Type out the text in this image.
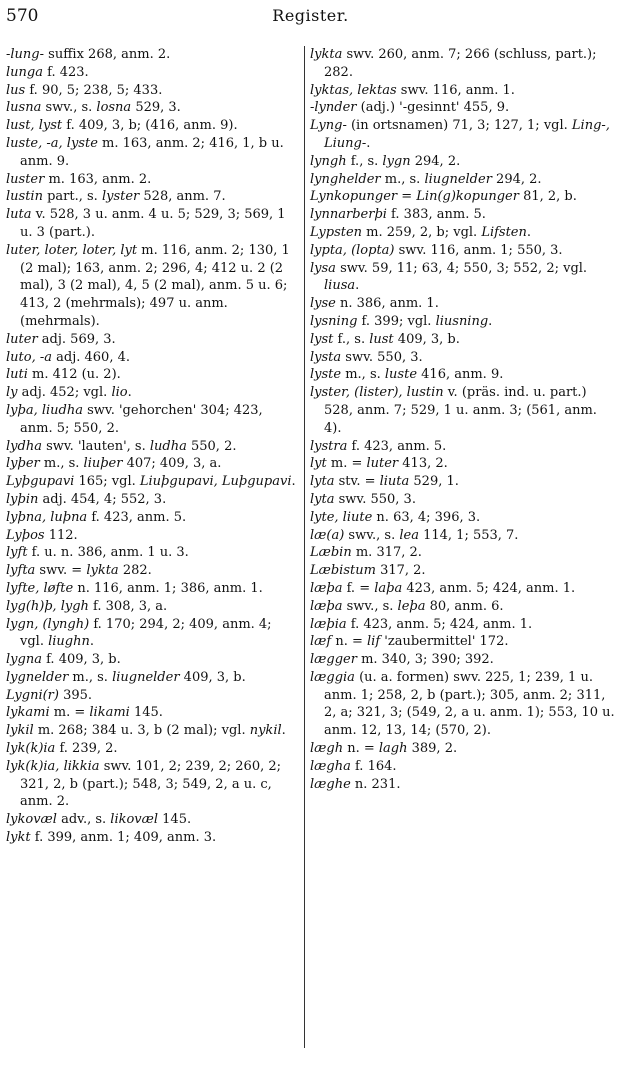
570	Register.
-lung- suffix 268, anm. 2.
lunga f. 423.
lus f. 90, 5; 238, 5; 433.
lusna swv., s. losna 529, 3.
lust, lyst f. 409, 3, b; (416, anm. 9).
luste, -a, lyste m. 163, anm. 2; 416, 1, b u. anm. 9.
luster m. 163, anm. 2.
lustin part., s. lyster 528, anm. 7.
luta v. 528, 3 u. anm. 4 u. 5; 529, 3; 569, 1 u. 3 (part.).
luter, loter, loter, lyt m. 116, anm. 2; 130, 1 (2 mal); 163, anm. 2; 296, 4; 412 u. 2 (2 mal), 3 (2 mal), 4, 5 (2 mal), anm. 5 u. 6; 413, 2 (mehrmals); 497 u. anm. (mehrmals).
luter adj. 569, 3.
luto, -a adj. 460, 4.
luti m. 412 (u. 2).
ly adj. 452; vgl. lio.
lyþa, liudha swv. 'gehorchen' 304; 423, anm. 5; 550, 2.
lydha swv. 'lauten', s. ludha 550, 2.
lyþer m., s. liuþer 407; 409, 3, a.
Lyþgupavi 165; vgl. Liuþgupavi, Luþgupavi.
lyþin adj. 454, 4; 552, 3.
lyþna, luþna f. 423, anm. 5.
Lyþos 112.
lyft f. u. n. 386, anm. 1 u. 3.
lyfta swv. = lykta 282.
lyfte, løfte n. 116, anm. 1; 386, anm. 1.
lyg(h)þ, lygh f. 308, 3, a.
lygn, (lyngh) f. 170; 294, 2; 409, anm. 4; vgl. liughn.
lygna f. 409, 3, b.
lygnelder m., s. liugnelder 409, 3, b.
Lygni(r) 395.
lykami m. = likami 145.
lykil m. 268; 384 u. 3, b (2 mal); vgl. nykil.
lyk(k)ia f. 239, 2.
lyk(k)ia, likkia swv. 101, 2; 239, 2; 260, 2; 321, 2, b (part.); 548, 3; 549, 2, a u. c, anm. 2.
lykovæl adv., s. likovæl 145.
lykt f. 399, anm. 1; 409, anm. 3.
lykta swv. 260, anm. 7; 266 (schluss, part.); 282.
lyktas, lektas swv. 116, anm. 1.
-lynder (adj.) '-gesinnt' 455, 9.
Lyng- (in ortsnamen) 71, 3; 127, 1; vgl. Ling-, Liung-.
lyngh f., s. lygn 294, 2.
lynghelder m., s. liugnelder 294, 2.
Lynkopunger = Lin(g)kopunger 81, 2, b.
lynnarberþi f. 383, anm. 5.
Lypsten m. 259, 2, b; vgl. Lifsten.
lypta, (lopta) swv. 116, anm. 1; 550, 3.
lysa swv. 59, 11; 63, 4; 550, 3; 552, 2; vgl. liusa.
lyse n. 386, anm. 1.
lysning f. 399; vgl. liusning.
lyst f., s. lust 409, 3, b.
lysta swv. 550, 3.
lyste m., s. luste 416, anm. 9.
lyster, (lister), lustin v. (präs. ind. u. part.) 528, anm. 7; 529, 1 u. anm. 3; (561, anm. 4).
lystra f. 423, anm. 5.
lyt m. = luter 413, 2.
lyta stv. = liuta 529, 1.
lyta swv. 550, 3.
lyte, liute n. 63, 4; 396, 3.
læ(a) swv., s. lea 114, 1; 553, 7.
Læbin m. 317, 2.
Læbistum 317, 2.
læþa f. = laþa 423, anm. 5; 424, anm. 1.
læþa swv., s. leþa 80, anm. 6.
læþia f. 423, anm. 5; 424, anm. 1.
læf n. = lif 'zaubermittel' 172.
lægger m. 340, 3; 390; 392.
læggia (u. a. formen) swv. 225, 1; 239, 1 u. anm. 1; 258, 2, b (part.); 305, anm. 2; 311, 2, a; 321, 3; (549, 2, a u. anm. 1); 553, 10 u. anm. 12, 13, 14; (570, 2).
lægh n. = lagh 389, 2.
lægha f. 164.
læghe n. 231.
